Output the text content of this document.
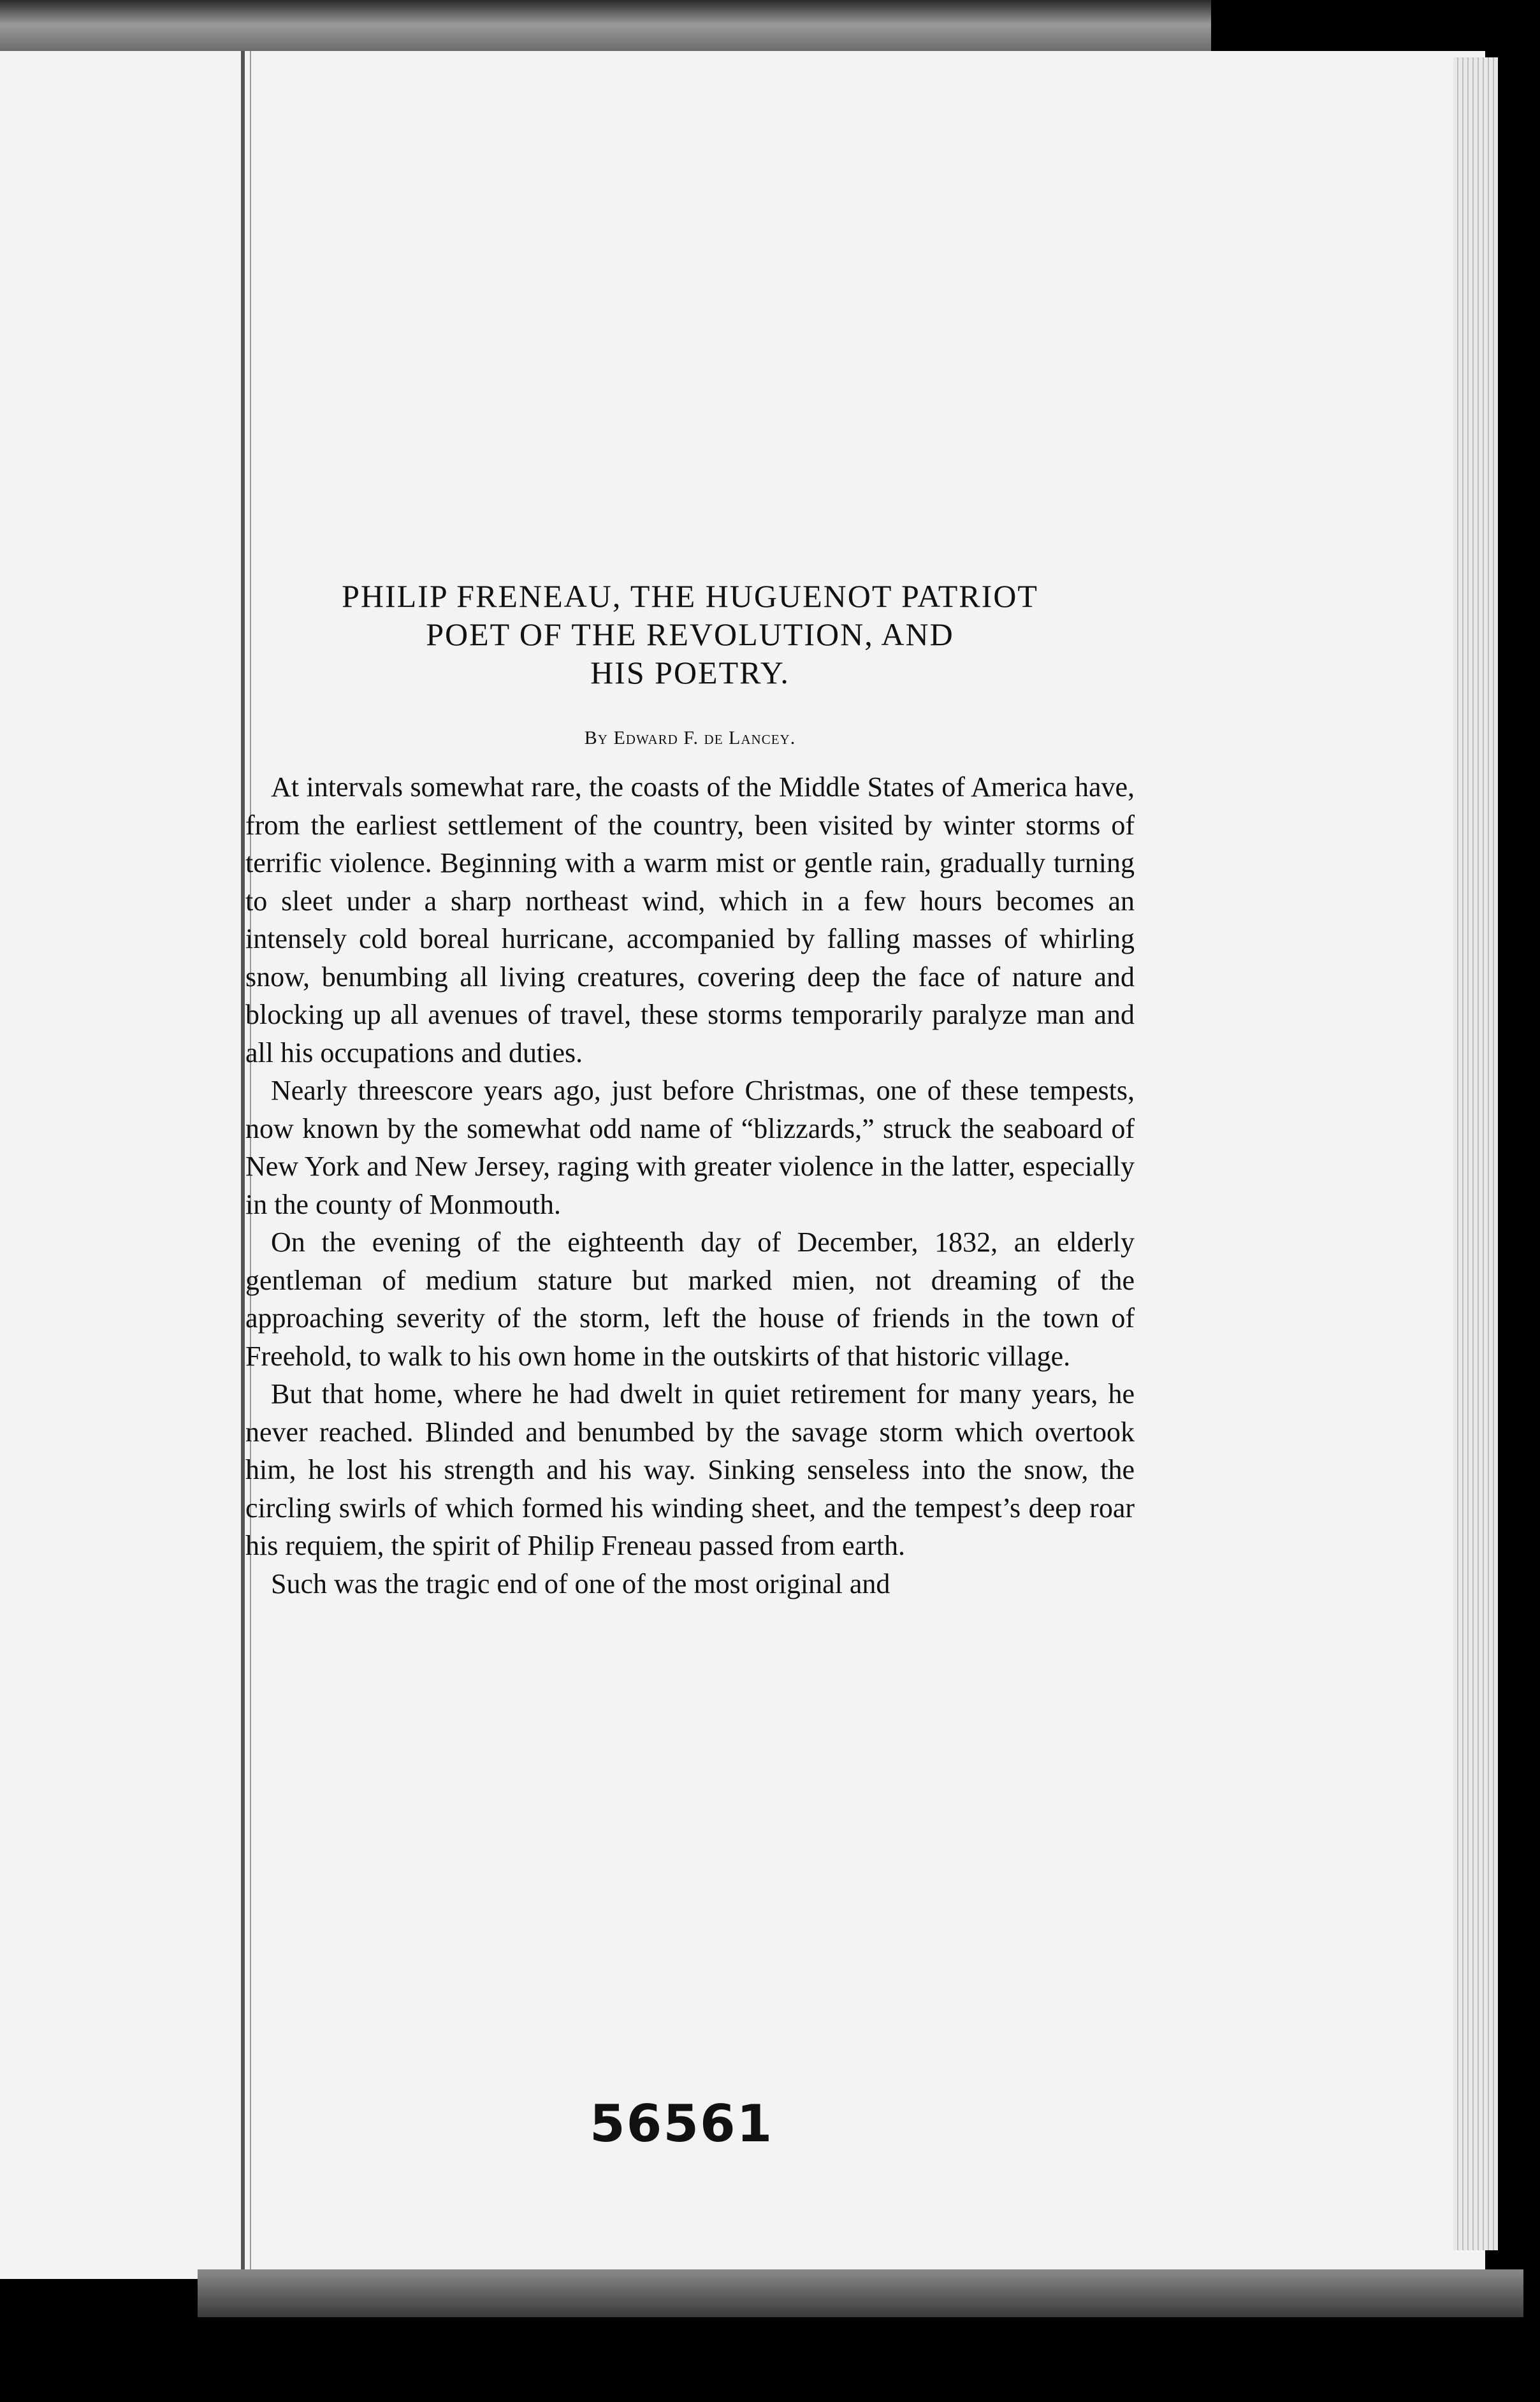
PHILIP FRENEAU, THE HUGUENOT PATRIOT
POET OF THE REVOLUTION, AND
HIS POETRY.
By Edward F. de Lancey.

At intervals somewhat rare, the coasts of the Middle States of America have, from the earliest settlement of the country, been visited by winter storms of terrific violence. Beginning with a warm mist or gentle rain, gradually turning to sleet under a sharp northeast wind, which in a few hours becomes an intensely cold boreal hurricane, accompanied by falling masses of whirling snow, benumbing all living creatures, covering deep the face of nature and blocking up all avenues of travel, these storms temporarily paralyze man and all his occupations and duties.

Nearly threescore years ago, just before Christmas, one of these tempests, now known by the somewhat odd name of “blizzards,” struck the seaboard of New York and New Jersey, raging with greater violence in the latter, especially in the county of Monmouth.

On the evening of the eighteenth day of December, 1832, an elderly gentleman of medium stature but marked mien, not dreaming of the approaching severity of the storm, left the house of friends in the town of Freehold, to walk to his own home in the outskirts of that historic village.

But that home, where he had dwelt in quiet retirement for many years, he never reached. Blinded and benumbed by the savage storm which overtook him, he lost his strength and his way. Sinking senseless into the snow, the circling swirls of which formed his winding sheet, and the tempest’s deep roar his requiem, the spirit of Philip Freneau passed from earth.

Such was the tragic end of one of the most original and

56561
